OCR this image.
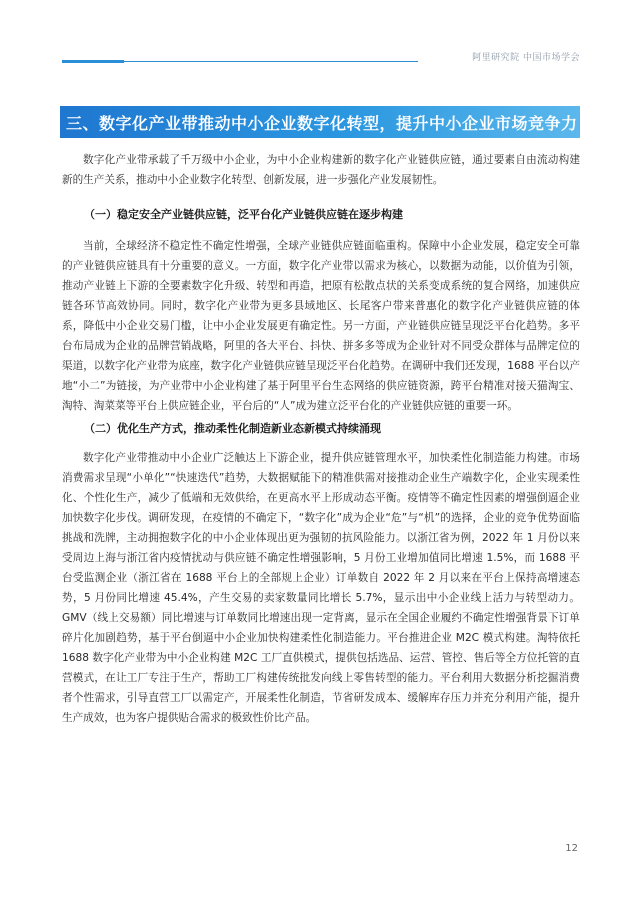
阿里研究院 中国市场学会
三、数字化产业带推动中小企业数字化转型，提升中小企业市场竞争力
数字化产业带承载了千万级中小企业，为中小企业构建新的数字化产业链供应链，通过要素自由流动构建新的生产关系，推动中小企业数字化转型、创新发展，进一步强化产业发展韧性。
（一）稳定安全产业链供应链，泛平台化产业链供应链在逐步构建
当前，全球经济不稳定性不确定性增强，全球产业链供应链面临重构。保障中小企业发展，稳定安全可靠的产业链供应链具有十分重要的意义。一方面，数字化产业带以需求为核心，以数据为动能，以价值为引领，推动产业链上下游的全要素数字化升级、转型和再造，把原有松散点状的关系变成系统的复合网络，加速供应链各环节高效协同。同时，数字化产业带为更多县域地区、长尾客户带来普惠化的数字化产业链供应链的体系，降低中小企业交易门槛，让中小企业发展更有确定性。另一方面，产业链供应链呈现泛平台化趋势。多平台布局成为企业的品牌营销战略，阿里的各大平台、抖快、拼多多等成为企业针对不同受众群体与品牌定位的渠道，以数字化产业带为底座，数字化产业链供应链呈现泛平台化趋势。在调研中我们还发现，1688 平台以产地“小二”为链接，为产业带中小企业构建了基于阿里平台生态网络的供应链资源，跨平台精准对接天猫淘宝、淘特、淘菜菜等平台上供应链企业，平台后的“人”成为建立泛平台化的产业链供应链的重要一环。
（二）优化生产方式，推动柔性化制造新业态新模式持续涌现
数字化产业带推动中小企业广泛触达上下游企业，提升供应链管理水平，加快柔性化制造能力构建。市场消费需求呈现“小单化”“快速迭代”趋势，大数据赋能下的精准供需对接推动企业生产端数字化，企业实现柔性化、个性化生产，减少了低端和无效供给，在更高水平上形成动态平衡。疫情等不确定性因素的增强倒逼企业加快数字化步伐。调研发现，在疫情的不确定下，“数字化”成为企业“危”与“机”的选择，企业的竞争优势面临挑战和洗牌，主动拥抱数字化的中小企业体现出更为强韧的抗风险能力。以浙江省为例，2022 年 1 月份以来受周边上海与浙江省内疫情扰动与供应链不确定性增强影响，5 月份工业增加值同比增速 1.5%，而 1688 平台受监测企业（浙江省在 1688 平台上的全部规上企业）订单数自 2022 年 2 月以来在平台上保持高增速态势，5 月份同比增速 45.4%，产生交易的卖家数量同比增长 5.7%，显示出中小企业线上活力与转型动力。GMV（线上交易额）同比增速与订单数同比增速出现一定背离，显示在全国企业履约不确定性增强背景下订单碎片化加剧趋势，基于平台倒逼中小企业加快构建柔性化制造能力。平台推进企业 M2C 模式构建。淘特依托 1688 数字化产业带为中小企业构建 M2C 工厂直供模式，提供包括选品、运营、管控、售后等全方位托管的直营模式，在让工厂专注于生产，帮助工厂构建传统批发向线上零售转型的能力。平台利用大数据分析挖掘消费者个性需求，引导直营工厂以需定产，开展柔性化制造，节省研发成本、缓解库存压力并充分利用产能，提升生产成效，也为客户提供贴合需求的极致性价比产品。
12
